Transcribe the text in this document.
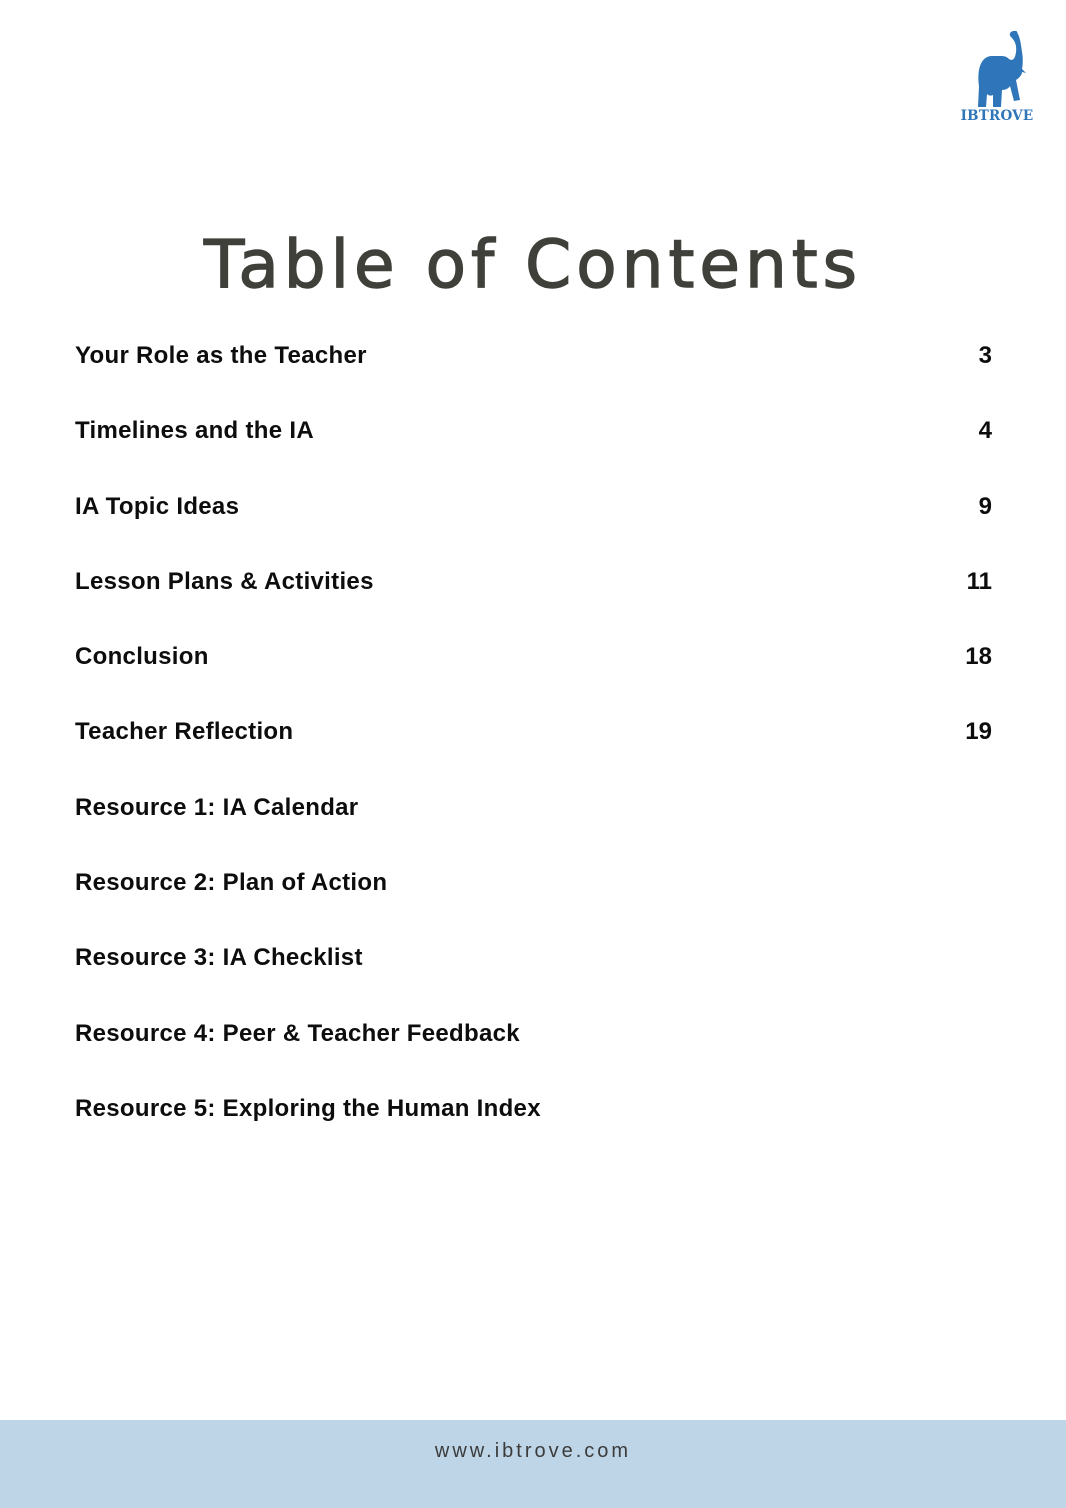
IBTROVE
Table of Contents
Your Role as the Teacher	3
Timelines and the IA	4
IA Topic Ideas	9
Lesson Plans & Activities	11
Conclusion	18
Teacher Reflection	19
Resource 1: IA Calendar
Resource 2: Plan of Action
Resource 3: IA Checklist
Resource 4: Peer & Teacher Feedback
Resource 5: Exploring the Human Index
www.ibtrove.com
